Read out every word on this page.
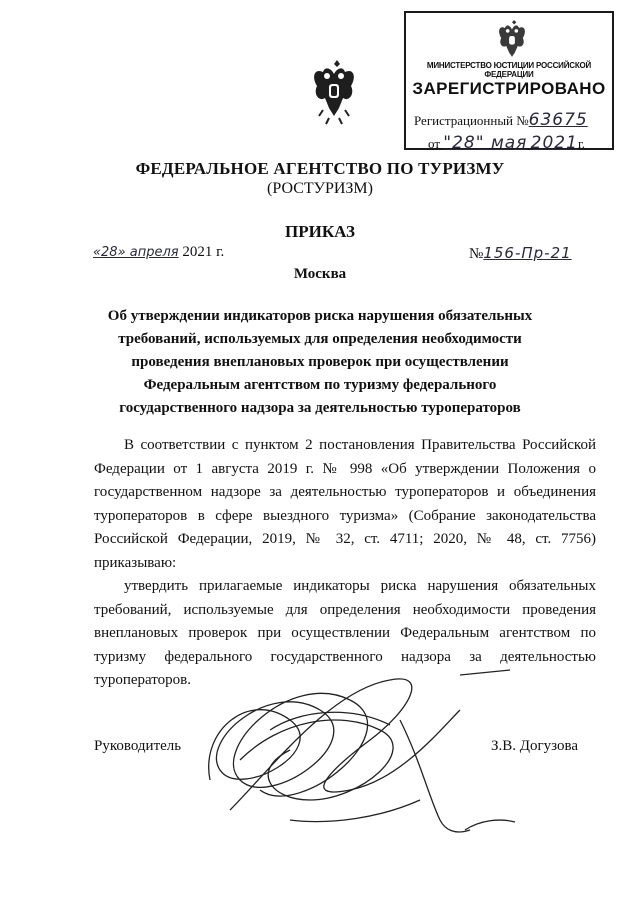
МИНИСТЕРСТВО ЮСТИЦИИ РОССИЙСКОЙ ФЕДЕРАЦИИ
ЗАРЕГИСТРИРОВАНО
Регистрационный №63675
от "28" мая 2021г.
ФЕДЕРАЛЬНОЕ АГЕНТСТВО ПО ТУРИЗМУ
(РОСТУРИЗМ)
ПРИКАЗ
«28» апреля 2021 г.	№156-Пр-21
Москва
Об утверждении индикаторов риска нарушения обязательных требований, используемых для определения необходимости проведения внеплановых проверок при осуществлении Федеральным агентством по туризму федерального государственного надзора за деятельностью туроператоров

В соответствии с пунктом 2 постановления Правительства Российской Федерации от 1 августа 2019 г. № 998 «Об утверждении Положения о государственном надзоре за деятельностью туроператоров и объединения туроператоров в сфере выездного туризма» (Собрание законодательства Российской Федерации, 2019, № 32, ст. 4711; 2020, № 48, ст. 7756) приказываю:

утвердить прилагаемые индикаторы риска нарушения обязательных требований, используемые для определения необходимости проведения внеплановых проверок при осуществлении Федеральным агентством по туризму федерального государственного надзора за деятельностью туроператоров.

Руководитель	З.В. Догузова
